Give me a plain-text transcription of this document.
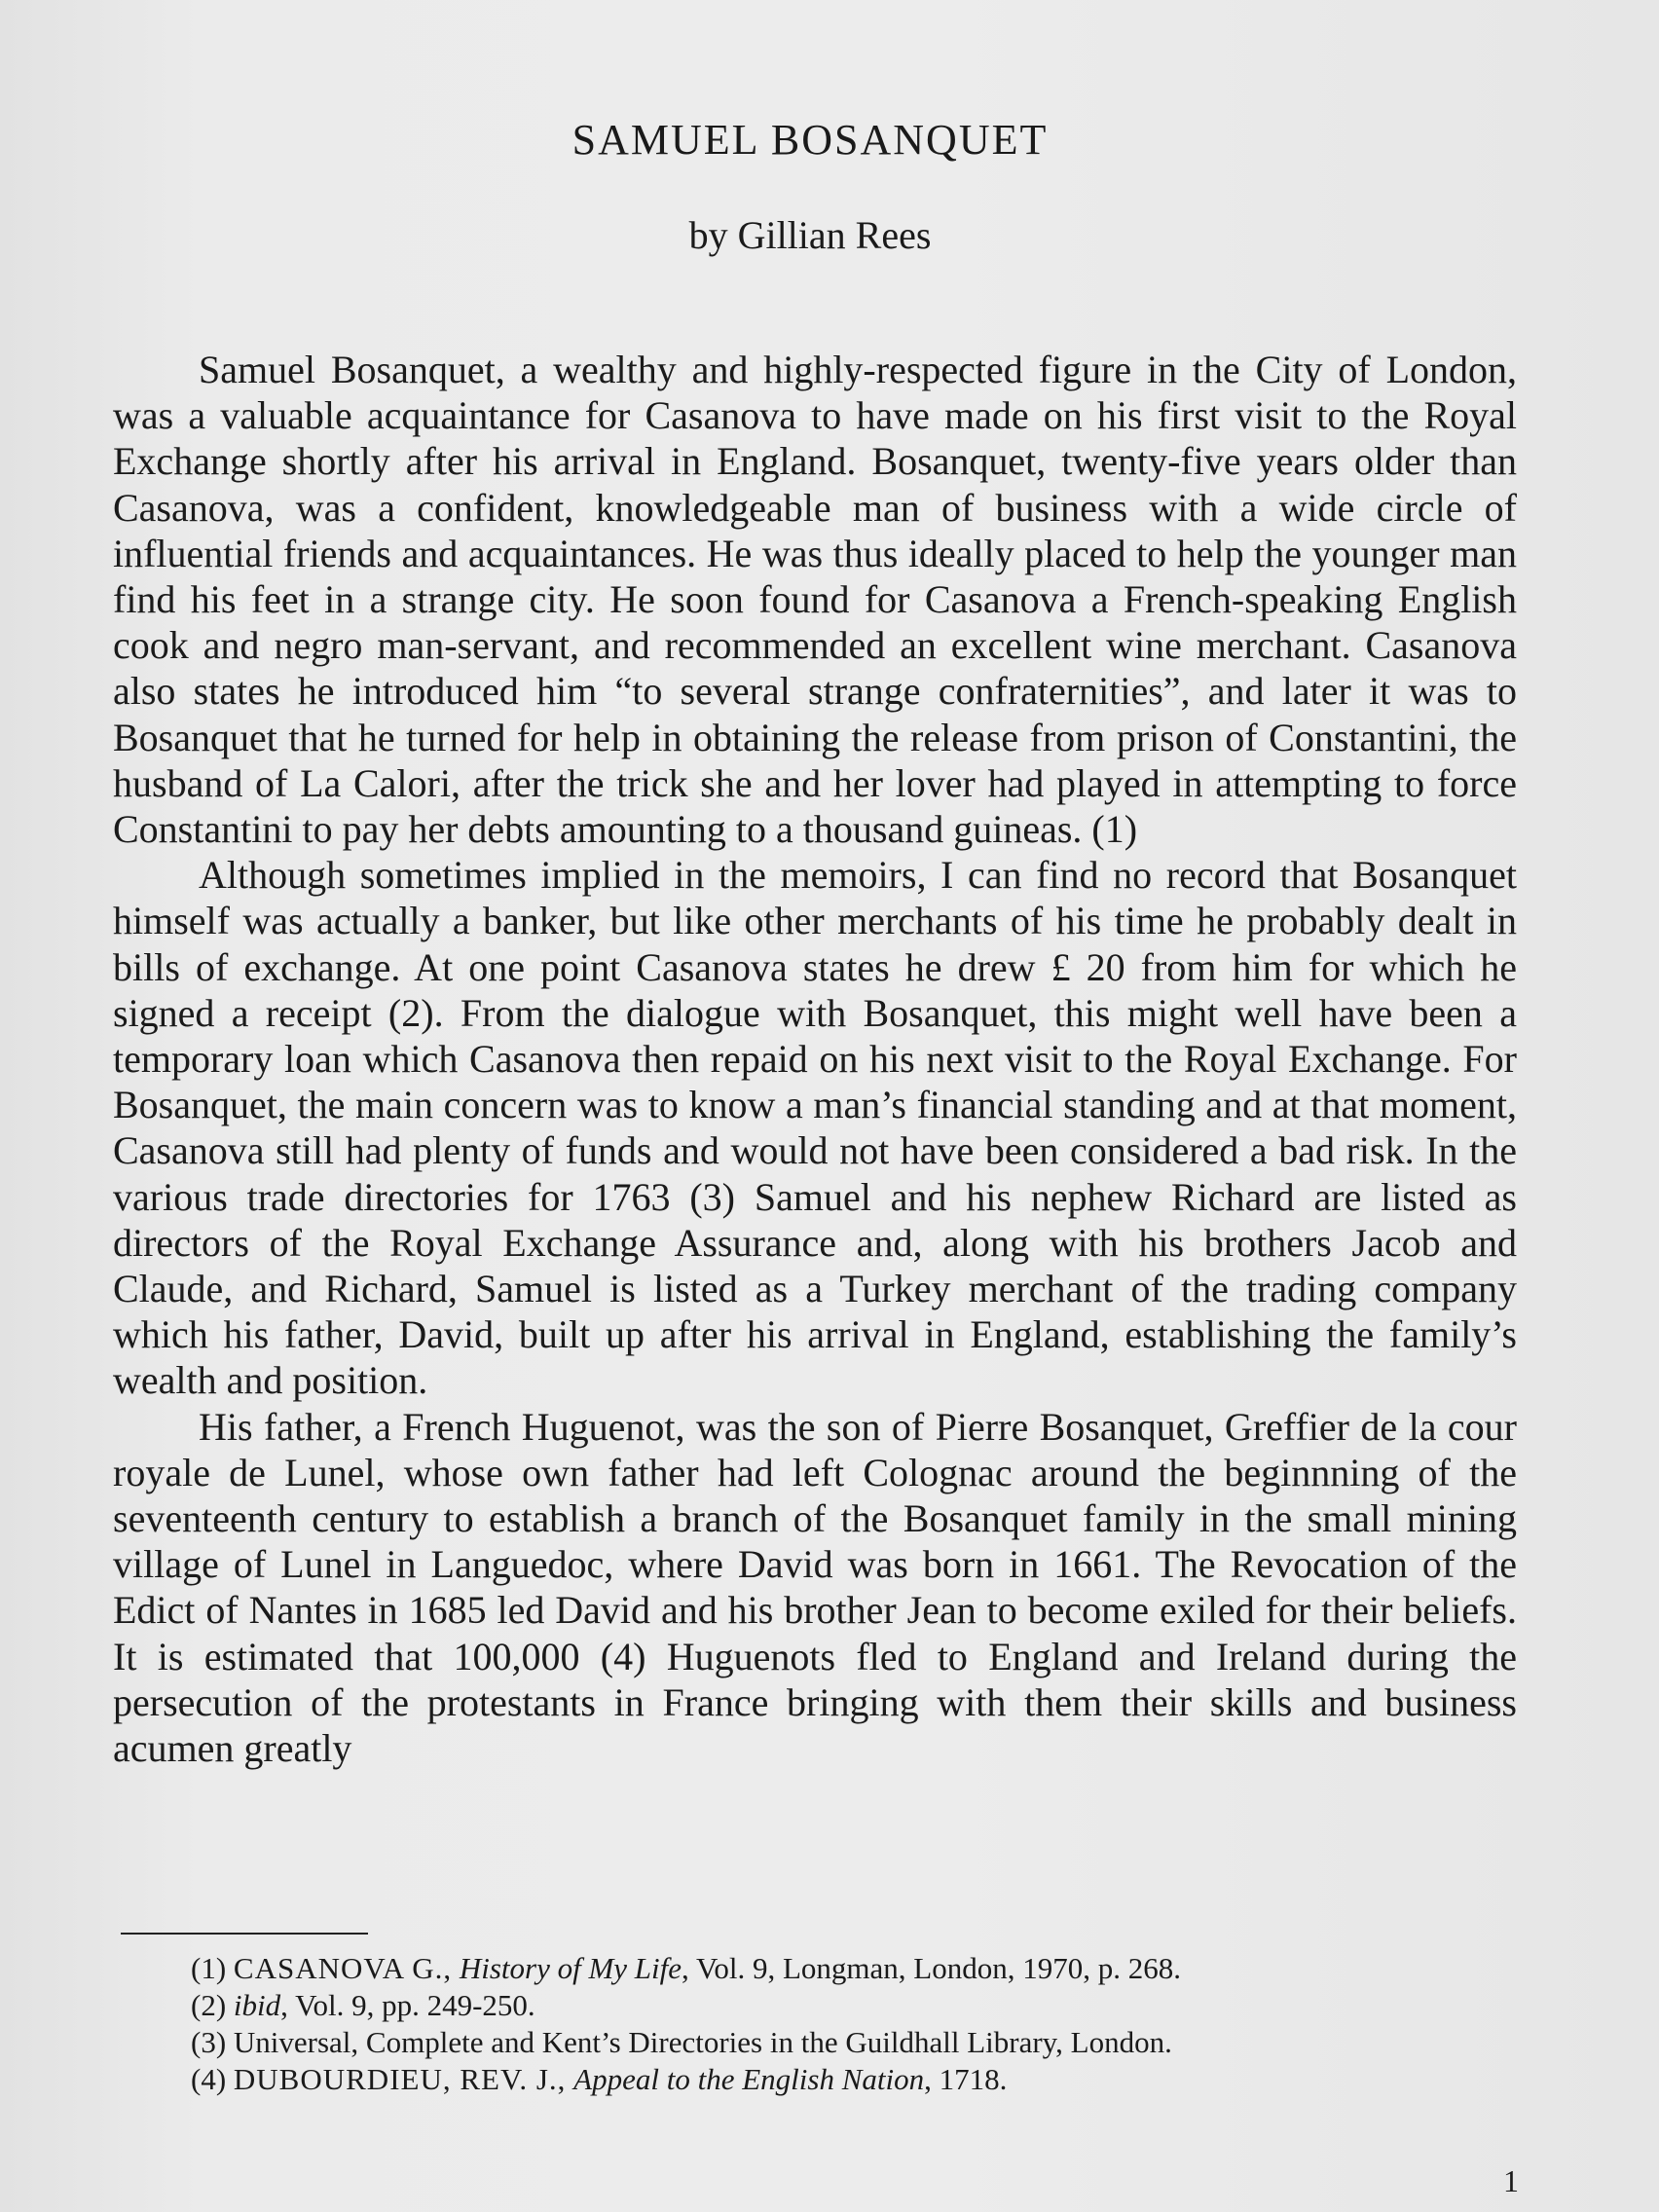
SAMUEL BOSANQUET
by Gillian Rees

Samuel Bosanquet, a wealthy and highly-respected figure in the City of London, was a valuable acquaintance for Casanova to have made on his first visit to the Royal Exchange shortly after his arrival in England. Bosanquet, twenty-five years older than Casanova, was a confident, knowledgeable man of business with a wide circle of influential friends and acquaintances. He was thus ideally placed to help the younger man find his feet in a strange city. He soon found for Casanova a French-speaking English cook and negro man-servant, and recommended an excellent wine merchant. Casanova also states he introduced him “to several strange confraternities”, and later it was to Bosanquet that he turned for help in obtaining the release from prison of Constantini, the husband of La Calori, after the trick she and her lover had played in attempting to force Constantini to pay her debts amounting to a thousand guineas. (1)

Although sometimes implied in the memoirs, I can find no record that Bosanquet himself was actually a banker, but like other merchants of his time he probably dealt in bills of exchange. At one point Casanova states he drew £ 20 from him for which he signed a receipt (2). From the dialogue with Bosanquet, this might well have been a temporary loan which Casanova then repaid on his next visit to the Royal Exchange. For Bosanquet, the main concern was to know a man’s financial standing and at that moment, Casanova still had plenty of funds and would not have been considered a bad risk. In the various trade directories for 1763 (3) Samuel and his nephew Richard are listed as directors of the Royal Exchange Assurance and, along with his brothers Jacob and Claude, and Richard, Samuel is listed as a Turkey merchant of the trading company which his father, David, built up after his arrival in England, establishing the family’s wealth and position.

His father, a French Huguenot, was the son of Pierre Bosanquet, Greffier de la cour royale de Lunel, whose own father had left Colognac around the beginnning of the seventeenth century to establish a branch of the Bosanquet family in the small mining village of Lunel in Languedoc, where David was born in 1661. The Revocation of the Edict of Nantes in 1685 led David and his brother Jean to become exiled for their beliefs. It is estimated that 100,000 (4) Huguenots fled to England and Ireland during the persecution of the protestants in France bringing with them their skills and business acumen greatly

(1) CASANOVA G., History of My Life, Vol. 9, Longman, London, 1970, p. 268.
(2) ibid, Vol. 9, pp. 249-250.
(3) Universal, Complete and Kent’s Directories in the Guildhall Library, London.
(4) DUBOURDIEU, REV. J., Appeal to the English Nation, 1718.
1
